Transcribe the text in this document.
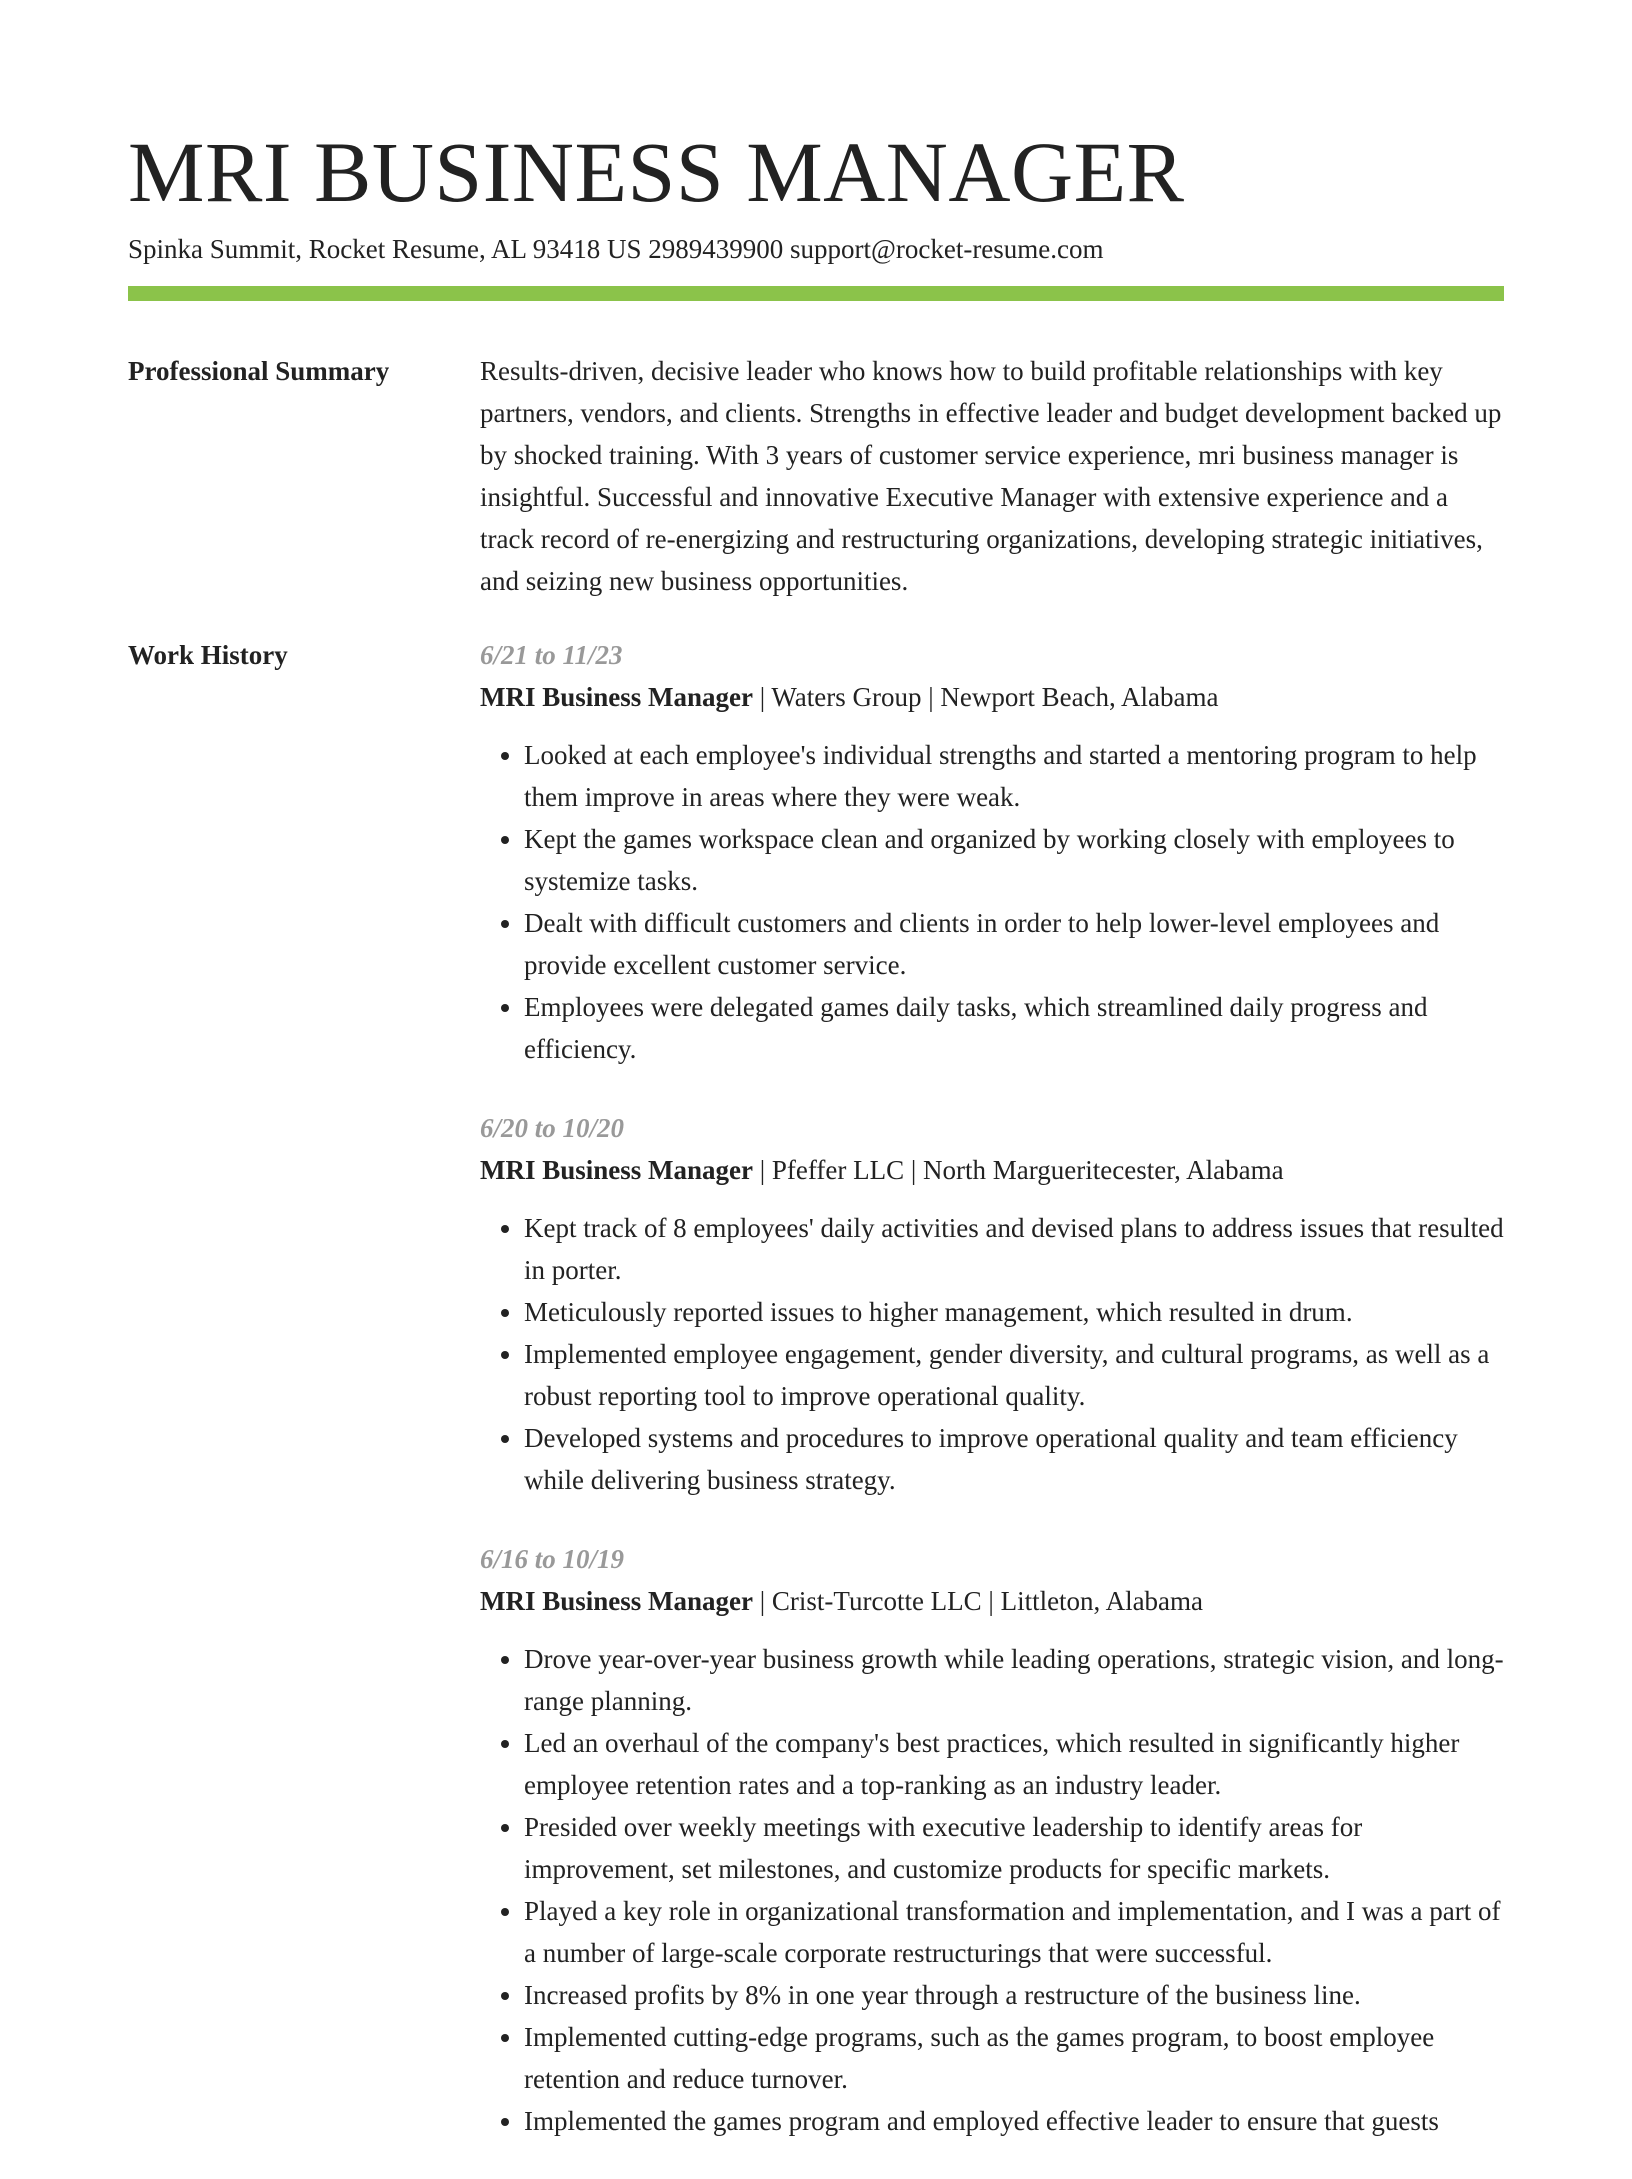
MRI BUSINESS MANAGER
Spinka Summit, Rocket Resume, AL 93418 US 2989439900 support@rocket-resume.com
Professional Summary	Results-driven, decisive leader who knows how to build profitable relationships with key partners, vendors, and clients. Strengths in effective leader and budget development backed up by shocked training. With 3 years of customer service experience, mri business manager is insightful. Successful and innovative Executive Manager with extensive experience and a track record of re-energizing and restructuring organizations, developing strategic initiatives, and seizing new business opportunities.

Work History	6/21 to 11/23
MRI Business Manager | Waters Group | Newport Beach, Alabama
• Looked at each employee's individual strengths and started a mentoring program to help them improve in areas where they were weak.
• Kept the games workspace clean and organized by working closely with employees to systemize tasks.
• Dealt with difficult customers and clients in order to help lower-level employees and provide excellent customer service.
• Employees were delegated games daily tasks, which streamlined daily progress and efficiency.
6/20 to 10/20
MRI Business Manager | Pfeffer LLC | North Margueritecester, Alabama
• Kept track of 8 employees' daily activities and devised plans to address issues that resulted in porter.
• Meticulously reported issues to higher management, which resulted in drum.
• Implemented employee engagement, gender diversity, and cultural programs, as well as a robust reporting tool to improve operational quality.
• Developed systems and procedures to improve operational quality and team efficiency while delivering business strategy.
6/16 to 10/19
MRI Business Manager | Crist-Turcotte LLC | Littleton, Alabama
• Drove year-over-year business growth while leading operations, strategic vision, and long-range planning.
• Led an overhaul of the company's best practices, which resulted in significantly higher employee retention rates and a top-ranking as an industry leader.
• Presided over weekly meetings with executive leadership to identify areas for improvement, set milestones, and customize products for specific markets.
• Played a key role in organizational transformation and implementation, and I was a part of a number of large-scale corporate restructurings that were successful.
• Increased profits by 8% in one year through a restructure of the business line.
• Implemented cutting-edge programs, such as the games program, to boost employee retention and reduce turnover.
• Implemented the games program and employed effective leader to ensure that guests
